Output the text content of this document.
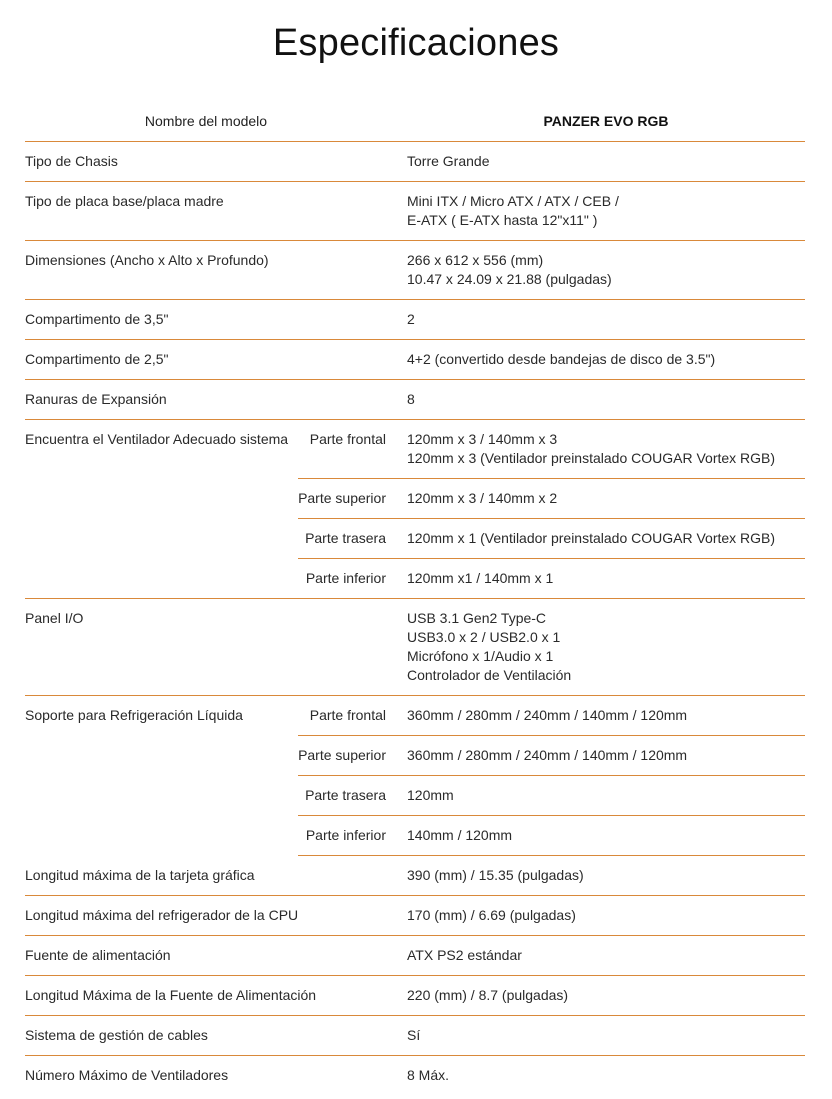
Especificaciones
Nombre del modelo	PANZER EVO RGB
Tipo de Chasis	Torre Grande
Tipo de placa base/placa madre	Mini ITX / Micro ATX / ATX / CEB /
E-ATX ( E-ATX hasta 12"x11" )
Dimensiones (Ancho x Alto x Profundo)	266 x 612 x 556 (mm)
10.47 x 24.09 x 21.88 (pulgadas)
Compartimento de 3,5"	2
Compartimento de 2,5"	4+2 (convertido desde bandejas de disco de 3.5")
Ranuras de Expansión	8
Encuentra el Ventilador Adecuado sistema	Parte frontal 120mm x 3 / 140mm x 3
120mm x 3 (Ventilador preinstalado COUGAR Vortex RGB)
Parte superior 120mm x 3 / 140mm x 2
Parte trasera 120mm x 1 (Ventilador preinstalado COUGAR Vortex RGB)
Parte inferior 120mm x1 / 140mm x 1
Panel I/O	USB 3.1 Gen2 Type-C
USB3.0 x 2 / USB2.0 x 1
Micrófono x 1/Audio x 1
Controlador de Ventilación
Soporte para Refrigeración Líquida	Parte frontal 360mm / 280mm / 240mm / 140mm / 120mm
Parte superior 360mm / 280mm / 240mm / 140mm / 120mm
Parte trasera 120mm
Parte inferior 140mm / 120mm
Longitud máxima de la tarjeta gráfica	390 (mm) / 15.35 (pulgadas)
Longitud máxima del refrigerador de la CPU	170 (mm) / 6.69 (pulgadas)
Fuente de alimentación	ATX PS2 estándar
Longitud Máxima de la Fuente de Alimentación	220 (mm) / 8.7 (pulgadas)
Sistema de gestión de cables	Sí
Número Máximo de Ventiladores	8 Máx.
